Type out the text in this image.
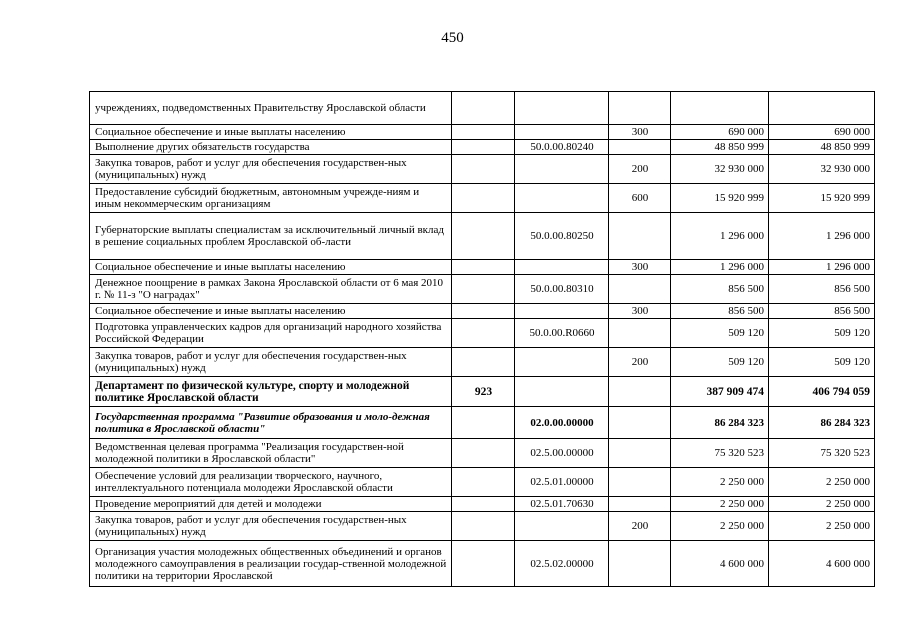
450
учреждениях, подведомственных Правительству Ярославской области					
Социальное обеспечение и иные выплаты населению			300	690 000	690 000
Выполнение других обязательств государства		50.0.00.80240		48 850 999	48 850 999
Закупка товаров, работ и услуг для обеспечения государствен-ных (муниципальных) нужд			200	32 930 000	32 930 000
Предоставление субсидий бюджетным, автономным учрежде-ниям и иным некоммерческим организациям			600	15 920 999	15 920 999
Губернаторские выплаты специалистам за исключительный личный вклад в решение социальных проблем Ярославской об-ласти		50.0.00.80250		1 296 000	1 296 000
Социальное обеспечение и иные выплаты населению			300	1 296 000	1 296 000
Денежное поощрение в рамках Закона Ярославской области от 6 мая 2010 г. № 11-з "О наградах"		50.0.00.80310		856 500	856 500
Социальное обеспечение и иные выплаты населению			300	856 500	856 500
Подготовка управленческих кадров для организаций народного хозяйства Российской Федерации		50.0.00.R0660		509 120	509 120
Закупка товаров, работ и услуг для обеспечения государствен-ных (муниципальных) нужд			200	509 120	509 120
Департамент по физической культуре, спорту и молодежной политике Ярославской области	923			387 909 474	406 794 059
Государственная программа "Развитие образования и моло-дежная политика в Ярославской области"		02.0.00.00000		86 284 323	86 284 323
Ведомственная целевая программа "Реализация государствен-ной молодежной политики в Ярославской области"		02.5.00.00000		75 320 523	75 320 523
Обеспечение условий для реализации творческого, научного, интеллектуального потенциала молодежи Ярославской области		02.5.01.00000		2 250 000	2 250 000
Проведение мероприятий для детей и молодежи		02.5.01.70630		2 250 000	2 250 000
Закупка товаров, работ и услуг для обеспечения государствен-ных (муниципальных) нужд			200	2 250 000	2 250 000
Организация участия молодежных общественных объединений и органов молодежного самоуправления в реализации государ-ственной молодежной политики на территории Ярославской		02.5.02.00000		4 600 000	4 600 000
